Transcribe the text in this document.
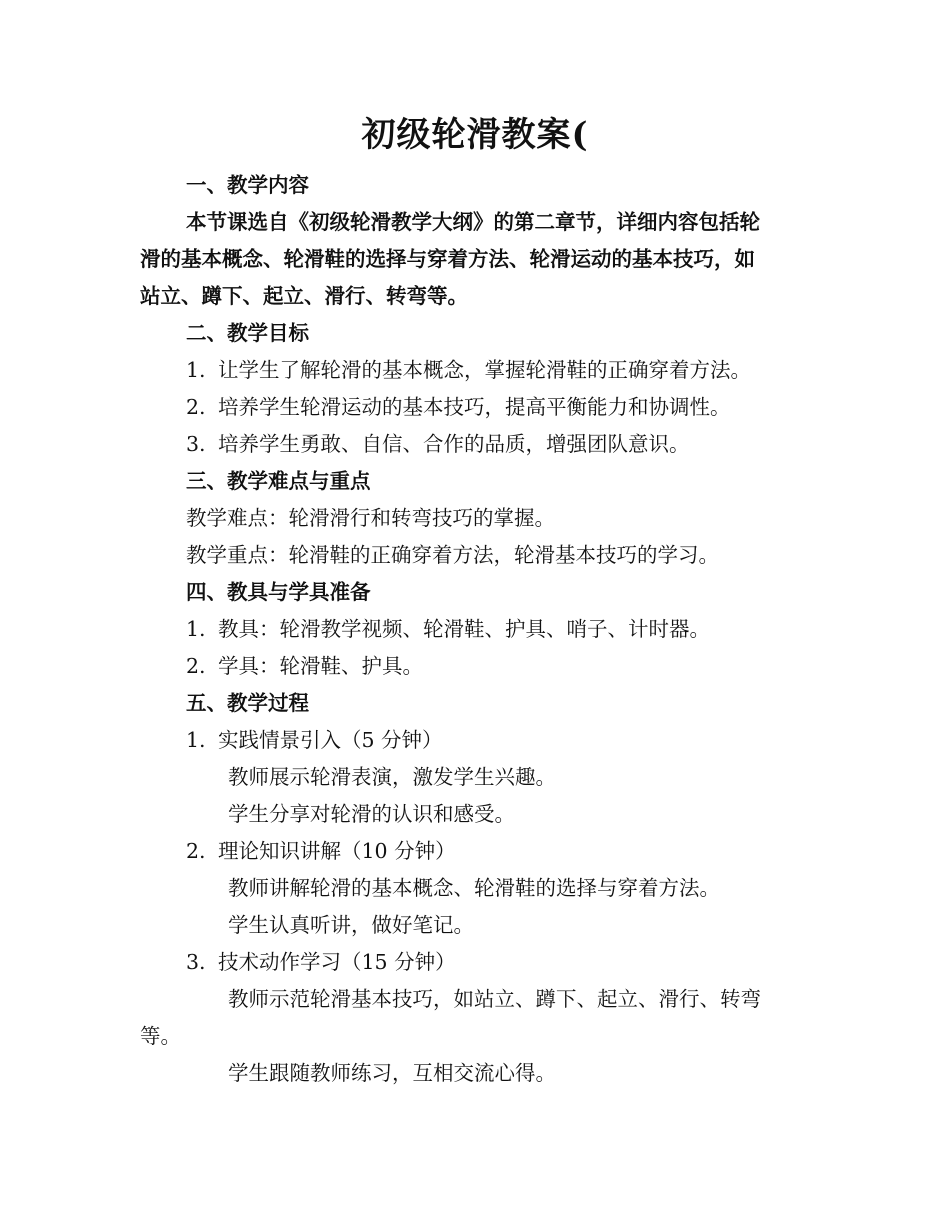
初级轮滑教案(
一、教学内容
本节课选自《初级轮滑教学大纲》的第二章节，详细内容包括轮
滑的基本概念、轮滑鞋的选择与穿着方法、轮滑运动的基本技巧，如
站立、蹲下、起立、滑行、转弯等。
二、教学目标
1. 让学生了解轮滑的基本概念，掌握轮滑鞋的正确穿着方法。
2. 培养学生轮滑运动的基本技巧，提高平衡能力和协调性。
3. 培养学生勇敢、自信、合作的品质，增强团队意识。
三、教学难点与重点
教学难点：轮滑滑行和转弯技巧的掌握。
教学重点：轮滑鞋的正确穿着方法，轮滑基本技巧的学习。
四、教具与学具准备
1. 教具：轮滑教学视频、轮滑鞋、护具、哨子、计时器。
2. 学具：轮滑鞋、护具。
五、教学过程
1. 实践情景引入（5 分钟）
教师展示轮滑表演，激发学生兴趣。
学生分享对轮滑的认识和感受。
2. 理论知识讲解（10 分钟）
教师讲解轮滑的基本概念、轮滑鞋的选择与穿着方法。
学生认真听讲，做好笔记。
3. 技术动作学习（15 分钟）
教师示范轮滑基本技巧，如站立、蹲下、起立、滑行、转弯
等。
学生跟随教师练习，互相交流心得。
